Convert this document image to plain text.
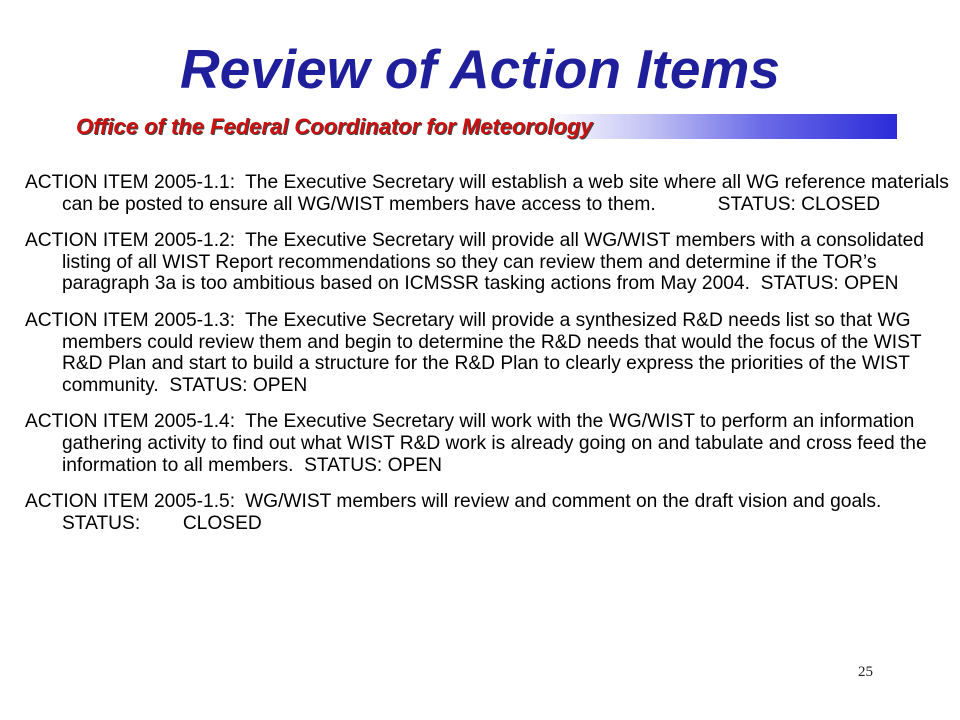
Review of Action Items
Office of the Federal Coordinator for Meteorology

ACTION ITEM 2005-1.1: The Executive Secretary will establish a web site where all WG reference materials can be posted to ensure all WG/WIST members have access to them.	STATUS: CLOSED

ACTION ITEM 2005-1.2: The Executive Secretary will provide all WG/WIST members with a consolidated listing of all WIST Report recommendations so they can review them and determine if the TOR’s paragraph 3a is too ambitious based on ICMSSR tasking actions from May 2004. STATUS: OPEN

ACTION ITEM 2005-1.3: The Executive Secretary will provide a synthesized R&D needs list so that WG members could review them and begin to determine the R&D needs that would the focus of the WIST R&D Plan and start to build a structure for the R&D Plan to clearly express the priorities of the WIST community. STATUS: OPEN

ACTION ITEM 2005-1.4: The Executive Secretary will work with the WG/WIST to perform an information gathering activity to find out what WIST R&D work is already going on and tabulate and cross feed the information to all members. STATUS: OPEN

ACTION ITEM 2005-1.5: WG/WIST members will review and comment on the draft vision and goals.  STATUS:        CLOSED

25
